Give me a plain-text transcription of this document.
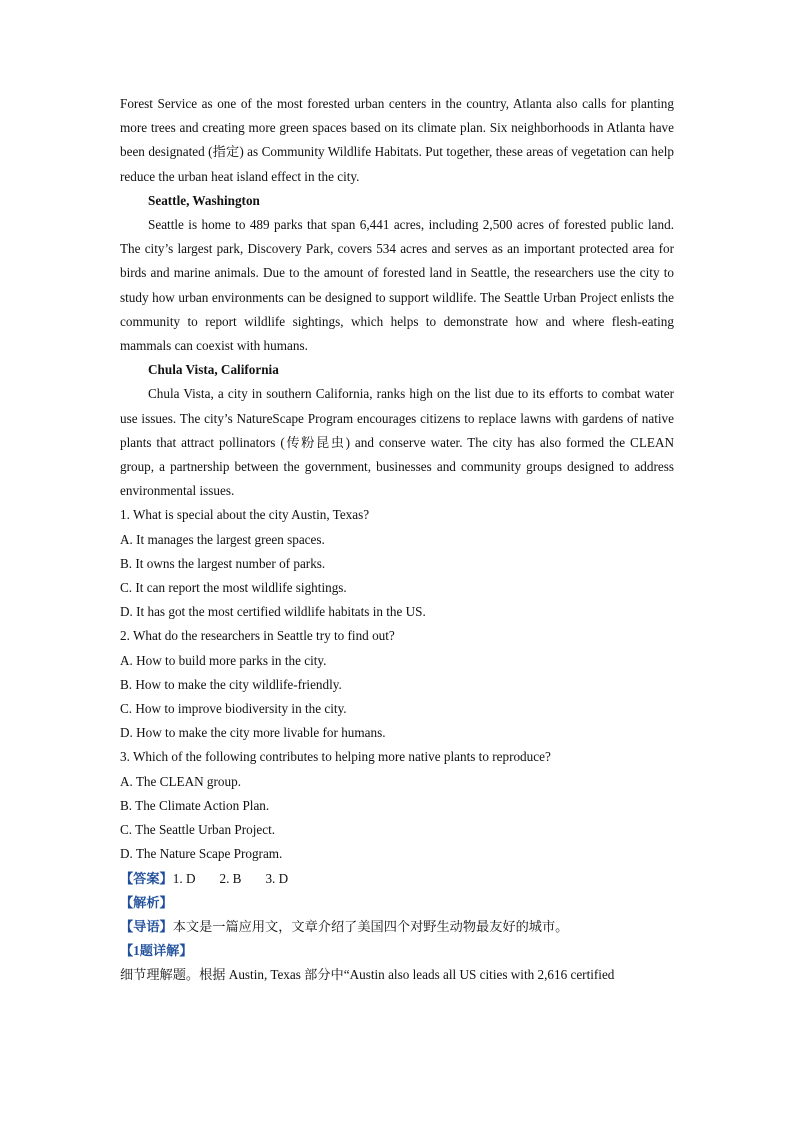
Forest Service as one of the most forested urban centers in the country, Atlanta also calls for planting more trees and creating more green spaces based on its climate plan. Six neighborhoods in Atlanta have been designated (指定) as Community Wildlife Habitats. Put together, these areas of vegetation can help reduce the urban heat island effect in the city.

Seattle, Washington

Seattle is home to 489 parks that span 6,441 acres, including 2,500 acres of forested public land. The city’s largest park, Discovery Park, covers 534 acres and serves as an important protected area for birds and marine animals. Due to the amount of forested land in Seattle, the researchers use the city to study how urban environments can be designed to support wildlife. The Seattle Urban Project enlists the community to report wildlife sightings, which helps to demonstrate how and where flesh-eating mammals can coexist with humans.

Chula Vista, California

Chula Vista, a city in southern California, ranks high on the list due to its efforts to combat water use issues. The city’s NatureScape Program encourages citizens to replace lawns with gardens of native plants that attract pollinators (传粉昆虫) and conserve water. The city has also formed the CLEAN group, a partnership between the government, businesses and community groups designed to address environmental issues.

1. What is special about the city Austin, Texas?

A. It manages the largest green spaces.

B. It owns the largest number of parks.

C. It can report the most wildlife sightings.

D. It has got the most certified wildlife habitats in the US.

2. What do the researchers in Seattle try to find out?

A. How to build more parks in the city.

B. How to make the city wildlife-friendly.

C. How to improve biodiversity in the city.

D. How to make the city more livable for humans.

3. Which of the following contributes to helping more native plants to reproduce?

A. The CLEAN group.

B. The Climate Action Plan.

C. The Seattle Urban Project.

D. The Nature Scape Program.

【答案】1. D 2. B 3. D

【解析】

【导语】本文是一篇应用文，文章介绍了美国四个对野生动物最友好的城市。

【1题详解】

细节理解题。根据 Austin, Texas 部分中“Austin also leads all US cities with 2,616 certified
